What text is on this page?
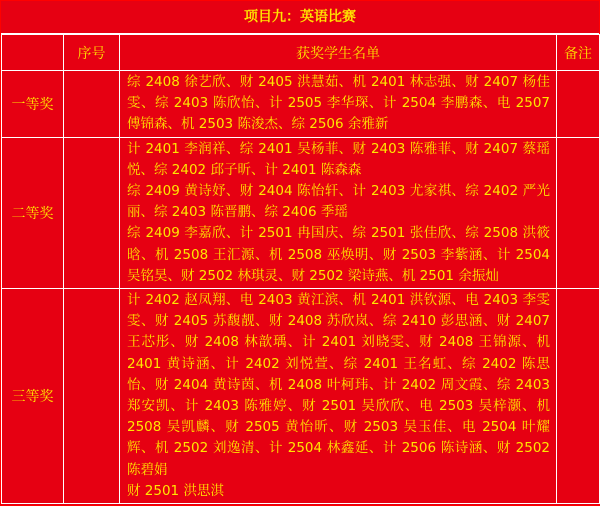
项目九：英语比赛
	序号	获奖学生名单	备注
一等奖		综 2408 徐艺欣、财 2405 洪慧茹、机 2401 林志强、财 2407 杨佳雯、综 2403 陈欣怡、计 2505 李华琛、计 2504 李鹏森、电 2507 傅锦森、机 2503 陈浚杰、综 2506 余雅新	

二等奖		计 2401 李润祥、综 2401 吴杨菲、财 2403 陈雅菲、财 2407 蔡瑶悦、综 2402 邱子昕、计 2401 陈森森
综 2409 黄诗妤、财 2404 陈怡轩、计 2403 尤家祺、综 2402 严光丽、综 2403 陈晋鹏、综 2406 季瑶
综 2409 李嘉欣、计 2501 冉国庆、综 2501 张佳欣、综 2508 洪筱晗、机 2508 王汇源、机 2508 巫焕明、财 2503 李紫涵、计 2504 吴铭昊、财 2502 林琪灵、财 2502 梁诗燕、机 2501 余振灿	

三等奖		计 2402 赵凤翔、电 2403 黄江滨、机 2401 洪钦源、电 2403 李雯雯、财 2405 苏馥靓、财 2408 苏欣岚、综 2410 彭思涵、财 2407 王芯彤、财 2408 林歆瑀、计 2401 刘晓雯、财 2408 王锦源、机 2401 黄诗涵、计 2402 刘悦萱、综 2401 王名虹、综 2402 陈思怡、财 2404 黄诗茵、机 2408 叶柯玮、计 2402 周文霞、综 2403 郑安凯、计 2403 陈雅婷、财 2501 吴欣欣、电 2503 吴梓灏、机 2508 吴凯麟、财 2505 黄怡昕、财 2503 吴玉佳、电 2504 叶耀辉、机 2502 刘逸清、计 2504 林鑫延、计 2506 陈诗涵、财 2502 陈碧娟
财 2501 洪思淇	
